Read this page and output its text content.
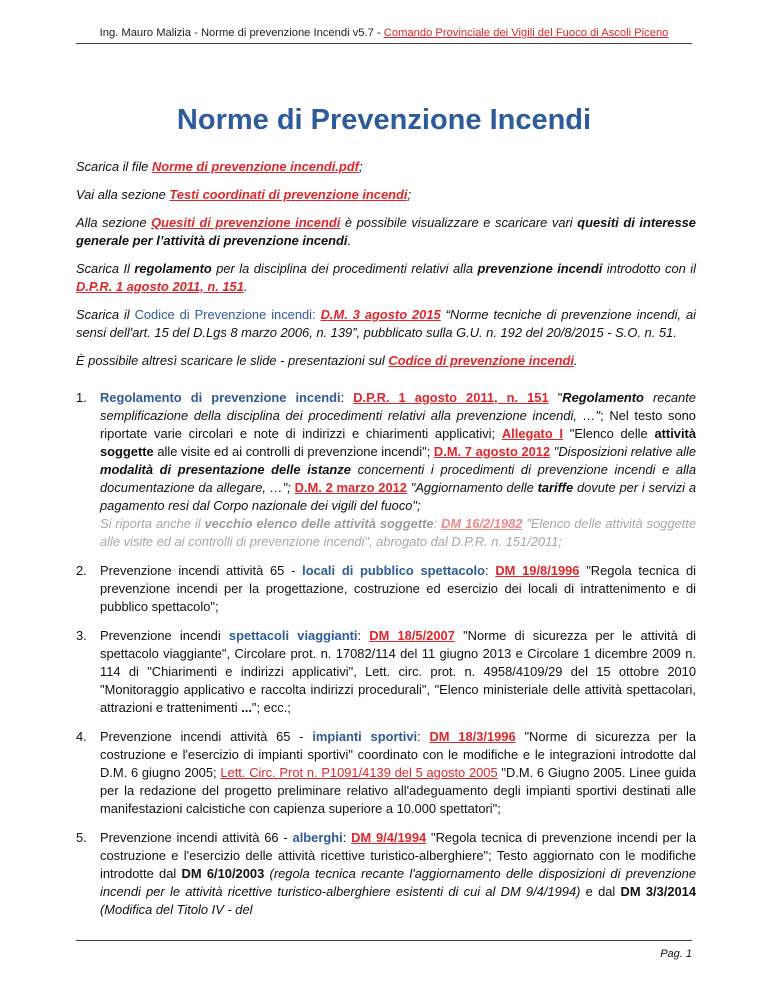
Ing. Mauro Malizia - Norme di prevenzione Incendi v5.7 - Comando Provinciale dei Vigili del Fuoco di Ascoli Piceno
Norme di Prevenzione Incendi

Scarica il file Norme di prevenzione incendi.pdf;

Vai alla sezione Testi coordinati di prevenzione incendi;

Alla sezione Quesiti di prevenzione incendi è possibile visualizzare e scaricare vari quesiti di interesse generale per l’attività di prevenzione incendi.

Scarica Il regolamento per la disciplina dei procedimenti relativi alla prevenzione incendi introdotto con il D.P.R. 1 agosto 2011, n. 151.

Scarica il Codice di Prevenzione incendi: D.M. 3 agosto 2015 “Norme tecniche di prevenzione incendi, ai sensi dell'art. 15 del D.Lgs 8 marzo 2006, n. 139”, pubblicato sulla G.U. n. 192 del 20/8/2015 - S.O. n. 51.

È possibile altresì scaricare le slide - presentazioni sul Codice di prevenzione incendi.

1. Regolamento di prevenzione incendi: D.P.R. 1 agosto 2011, n. 151 "Regolamento recante semplificazione della disciplina dei procedimenti relativi alla prevenzione incendi, …"; Nel testo sono riportate varie circolari e note di indirizzi e chiarimenti applicativi; Allegato I "Elenco delle attività soggette alle visite ed ai controlli di prevenzione incendi"; D.M. 7 agosto 2012 "Disposizioni relative alle modalità di presentazione delle istanze concernenti i procedimenti di prevenzione incendi e alla documentazione da allegare, …"; D.M. 2 marzo 2012 "Aggiornamento delle tariffe dovute per i servizi a pagamento resi dal Corpo nazionale dei vigili del fuoco";
Si riporta anche il vecchio elenco delle attività soggette: DM 16/2/1982 "Elenco delle attività soggette alle visite ed ai controlli di prevenzione incendi", abrogato dal D.P.R. n. 151/2011;
2. Prevenzione incendi attività 65 - locali di pubblico spettacolo: DM 19/8/1996 "Regola tecnica di prevenzione incendi per la progettazione, costruzione ed esercizio dei locali di intrattenimento e di pubblico spettacolo";
3. Prevenzione incendi spettacoli viaggianti: DM 18/5/2007 "Norme di sicurezza per le attività di spettacolo viaggiante", Circolare prot. n. 17082/114 del 11 giugno 2013 e Circolare 1 dicembre 2009 n. 114 di "Chiarimenti e indirizzi applicativi", Lett. circ. prot. n. 4958/4109/29 del 15 ottobre 2010 "Monitoraggio applicativo e raccolta indirizzi procedurali", "Elenco ministeriale delle attività spettacolari, attrazioni e trattenimenti ..."; ecc.;
4. Prevenzione incendi attività 65 - impianti sportivi: DM 18/3/1996 "Norme di sicurezza per la costruzione e l'esercizio di impianti sportivi" coordinato con le modifiche e le integrazioni introdotte dal D.M. 6 giugno 2005; Lett. Circ. Prot n. P1091/4139 del 5 agosto 2005 "D.M. 6 Giugno 2005. Linee guida per la redazione del progetto preliminare relativo all'adeguamento degli impianti sportivi destinati alle manifestazioni calcistiche con capienza superiore a 10.000 spettatori";
5. Prevenzione incendi attività 66 - alberghi: DM 9/4/1994 "Regola tecnica di prevenzione incendi per la costruzione e l'esercizio delle attività ricettive turistico-alberghiere"; Testo aggiornato con le modifiche introdotte dal DM 6/10/2003 (regola tecnica recante l'aggiornamento delle disposizioni di prevenzione incendi per le attività ricettive turistico-alberghiere esistenti di cui al DM 9/4/1994) e dal DM 3/3/2014 (Modifica del Titolo IV - del
Pag. 1
